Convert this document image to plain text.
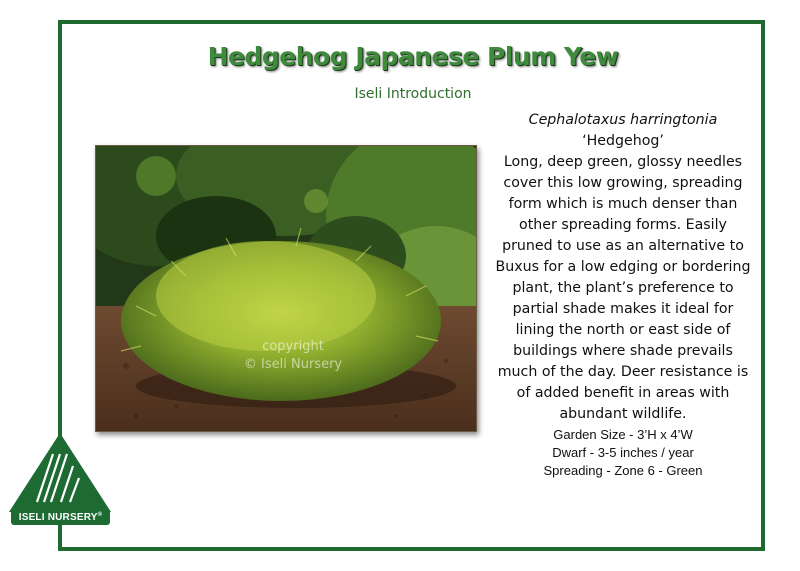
Hedgehog Japanese Plum Yew
Iseli Introduction
copyright
© Iseli Nursery
Cephalotaxus harringtonia
‘Hedgehog’
Long, deep green, glossy needles cover this low growing, spreading form which is much denser than other spreading forms. Easily pruned to use as an alternative to Buxus for a low edging or bordering plant, the plant’s preference to partial shade makes it ideal for lining the north or east side of buildings where shade prevails much of the day. Deer resistance is of added benefit in areas with abundant wildlife.
Garden Size - 3’H x 4’W
Dwarf - 3-5 inches / year
Spreading - Zone 6 - Green
ISELI NURSERY®
